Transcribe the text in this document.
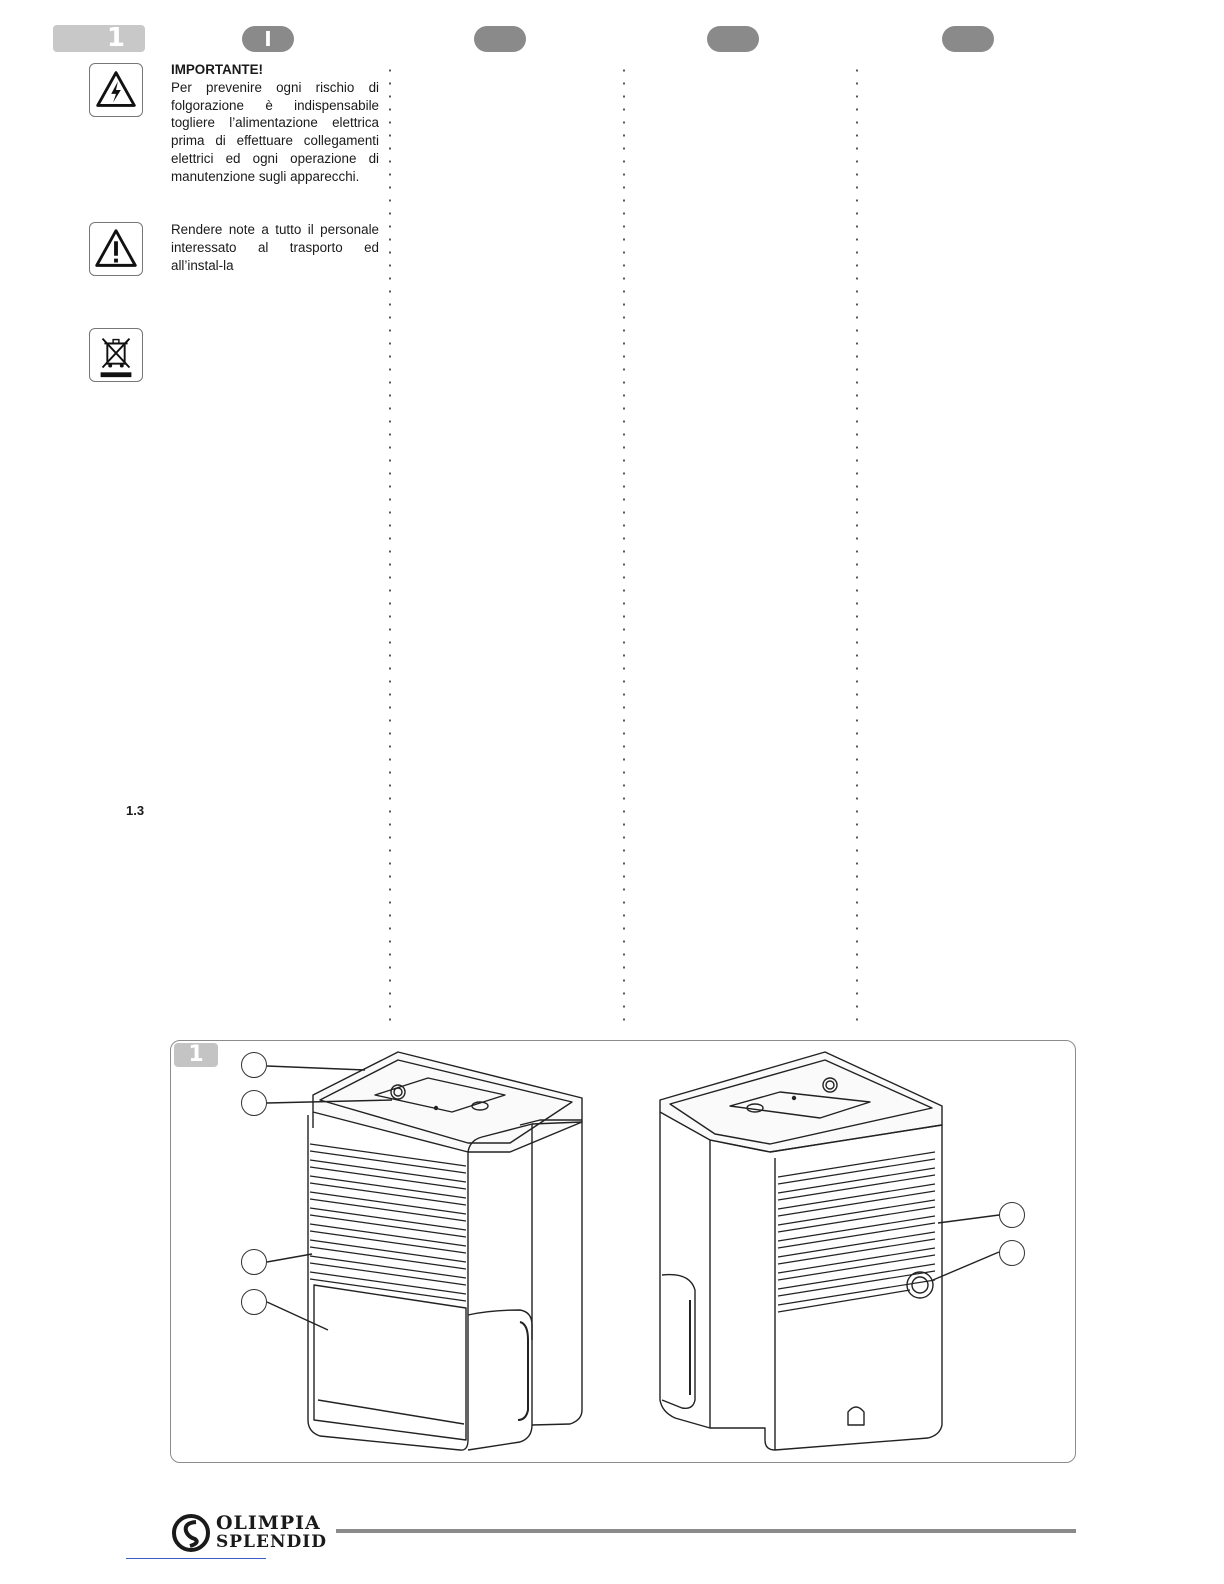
1	I
IMPORTANTE!
Per prevenire ogni rischio di folgorazione è indispensabile togliere l’alimentazione elettrica prima di effettuare collegamenti elettrici ed ogni operazione di manutenzione sugli apparecchi.
Rendere note a tutto il personale interessato al trasporto ed all’instal-la
1.3
1
OLIMPIA
SPLENDID
